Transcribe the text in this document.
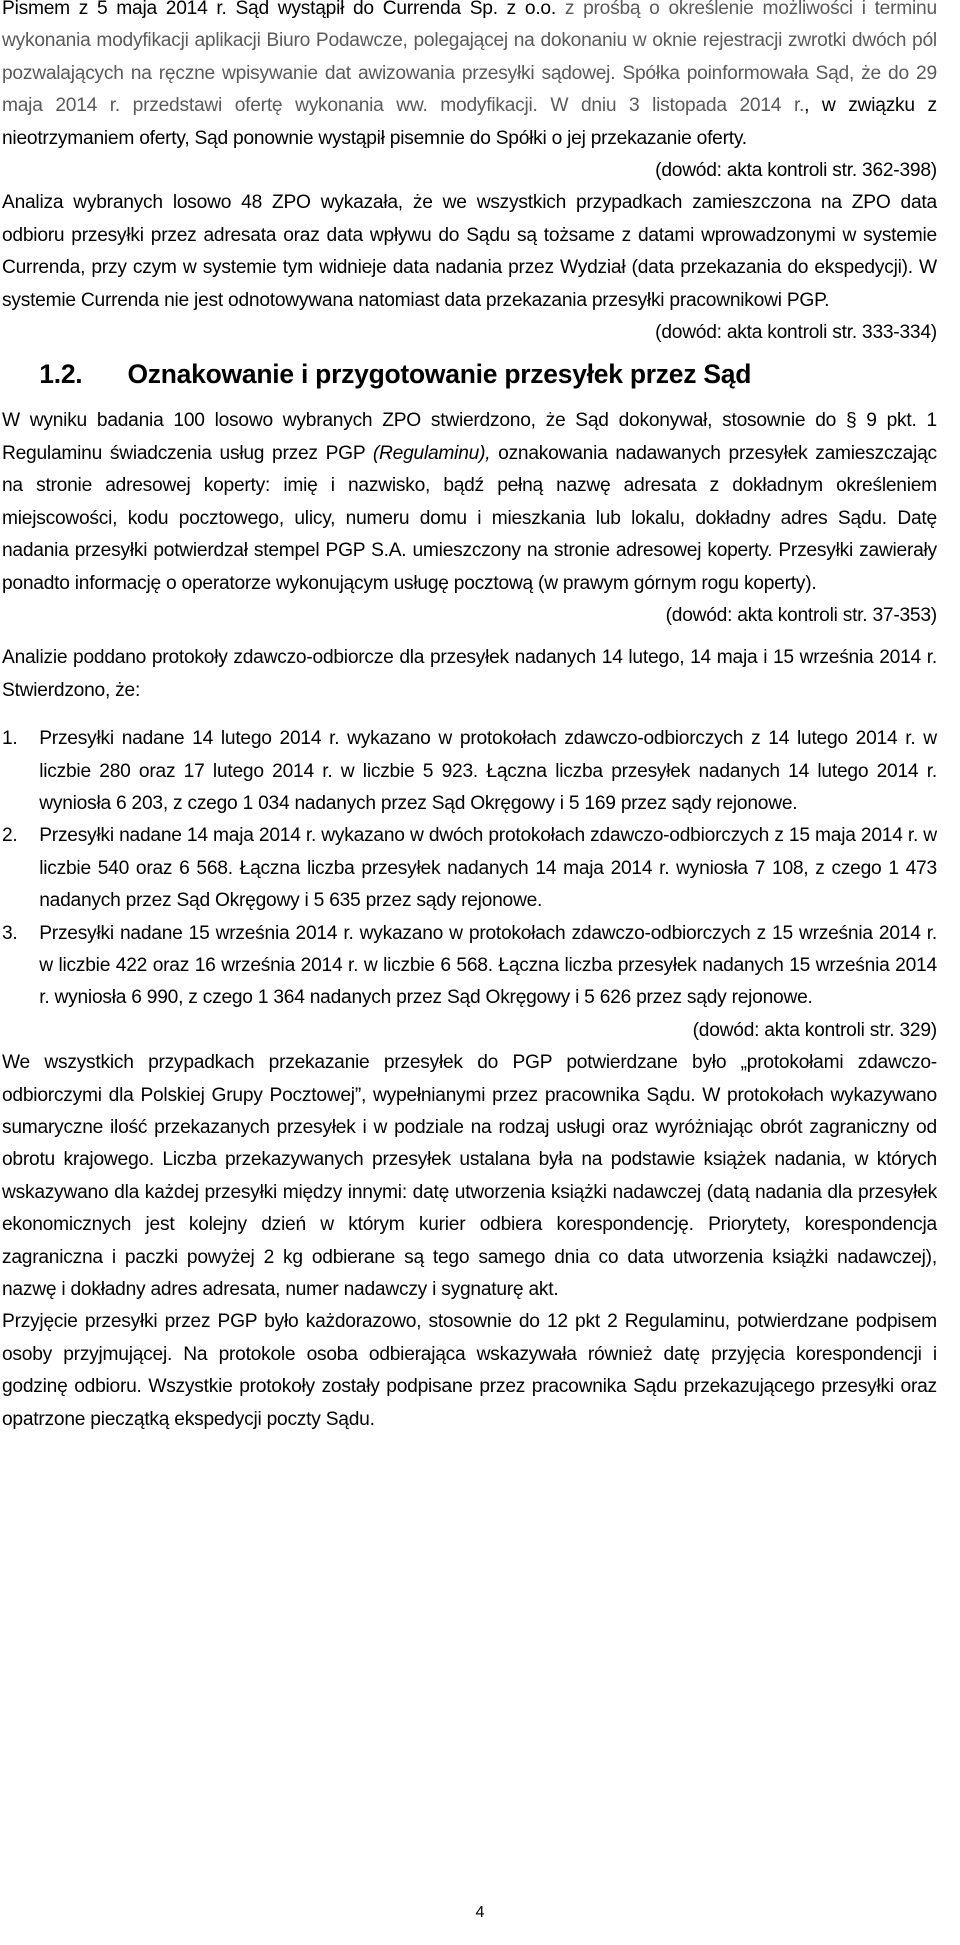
Pismem z 5 maja 2014 r. Sąd wystąpił do Currenda Sp. z o.o. z prośbą o określenie możliwości i terminu wykonania modyfikacji aplikacji Biuro Podawcze, polegającej na dokonaniu w oknie rejestracji zwrotki dwóch pól pozwalających na ręczne wpisywanie dat awizowania przesyłki sądowej. Spółka poinformowała Sąd, że do 29 maja 2014 r. przedstawi ofertę wykonania ww. modyfikacji. W dniu 3 listopada 2014 r., w związku z nieotrzymaniem oferty, Sąd ponownie wystąpił pisemnie do Spółki o jej przekazanie oferty.

(dowód: akta kontroli str. 362-398)

Analiza wybranych losowo 48 ZPO wykazała, że we wszystkich przypadkach zamieszczona na ZPO data odbioru przesyłki przez adresata oraz data wpływu do Sądu są tożsame z datami wprowadzonymi w systemie Currenda, przy czym w systemie tym widnieje data nadania przez Wydział (data przekazania do ekspedycji). W systemie Currenda nie jest odnotowywana natomiast data przekazania przesyłki pracownikowi PGP.

(dowód: akta kontroli str. 333-334)

1.2. Oznakowanie i przygotowanie przesyłek przez Sąd

W wyniku badania 100 losowo wybranych ZPO stwierdzono, że Sąd dokonywał, stosownie do § 9 pkt. 1 Regulaminu świadczenia usług przez PGP (Regulaminu), oznakowania nadawanych przesyłek zamieszczając na stronie adresowej koperty: imię i nazwisko, bądź pełną nazwę adresata z dokładnym określeniem miejscowości, kodu pocztowego, ulicy, numeru domu i mieszkania lub lokalu, dokładny adres Sądu. Datę nadania przesyłki potwierdzał stempel PGP S.A. umieszczony na stronie adresowej koperty. Przesyłki zawierały ponadto informację o operatorze wykonującym usługę pocztową (w prawym górnym rogu koperty).

(dowód: akta kontroli str. 37-353)

Analizie poddano protokoły zdawczo-odbiorcze dla przesyłek nadanych 14 lutego, 14 maja i 15 września 2014 r. Stwierdzono, że:

1. Przesyłki nadane 14 lutego 2014 r. wykazano w protokołach zdawczo-odbiorczych z 14 lutego 2014 r. w liczbie 280 oraz 17 lutego 2014 r. w liczbie 5 923. Łączna liczba przesyłek nadanych 14 lutego 2014 r. wyniosła 6 203, z czego 1 034 nadanych przez Sąd Okręgowy i 5 169 przez sądy rejonowe.
2. Przesyłki nadane 14 maja 2014 r. wykazano w dwóch protokołach zdawczo-odbiorczych z 15 maja 2014 r. w liczbie 540 oraz 6 568. Łączna liczba przesyłek nadanych 14 maja 2014 r. wyniosła 7 108, z czego 1 473 nadanych przez Sąd Okręgowy i 5 635 przez sądy rejonowe.
3. Przesyłki nadane 15 września 2014 r. wykazano w protokołach zdawczo-odbiorczych z 15 września 2014 r. w liczbie 422 oraz 16 września 2014 r. w liczbie 6 568. Łączna liczba przesyłek nadanych 15 września 2014 r. wyniosła 6 990, z czego 1 364 nadanych przez Sąd Okręgowy i 5 626 przez sądy rejonowe.

(dowód: akta kontroli str. 329)

We wszystkich przypadkach przekazanie przesyłek do PGP potwierdzane było „protokołami zdawczo-odbiorczymi dla Polskiej Grupy Pocztowej”, wypełnianymi przez pracownika Sądu. W protokołach wykazywano sumaryczne ilość przekazanych przesyłek i w podziale na rodzaj usługi oraz wyróżniając obrót zagraniczny od obrotu krajowego. Liczba przekazywanych przesyłek ustalana była na podstawie książek nadania, w których wskazywano dla każdej przesyłki między innymi: datę utworzenia książki nadawczej (datą nadania dla przesyłek ekonomicznych jest kolejny dzień w którym kurier odbiera korespondencję. Priorytety, korespondencja zagraniczna i paczki powyżej 2 kg odbierane są tego samego dnia co data utworzenia książki nadawczej), nazwę i dokładny adres adresata, numer nadawczy i sygnaturę akt.

Przyjęcie przesyłki przez PGP było każdorazowo, stosownie do 12 pkt 2 Regulaminu, potwierdzane podpisem osoby przyjmującej. Na protokole osoba odbierająca wskazywała również datę przyjęcia korespondencji i godzinę odbioru. Wszystkie protokoły zostały podpisane przez pracownika Sądu przekazującego przesyłki oraz opatrzone pieczątką ekspedycji poczty Sądu.

4
